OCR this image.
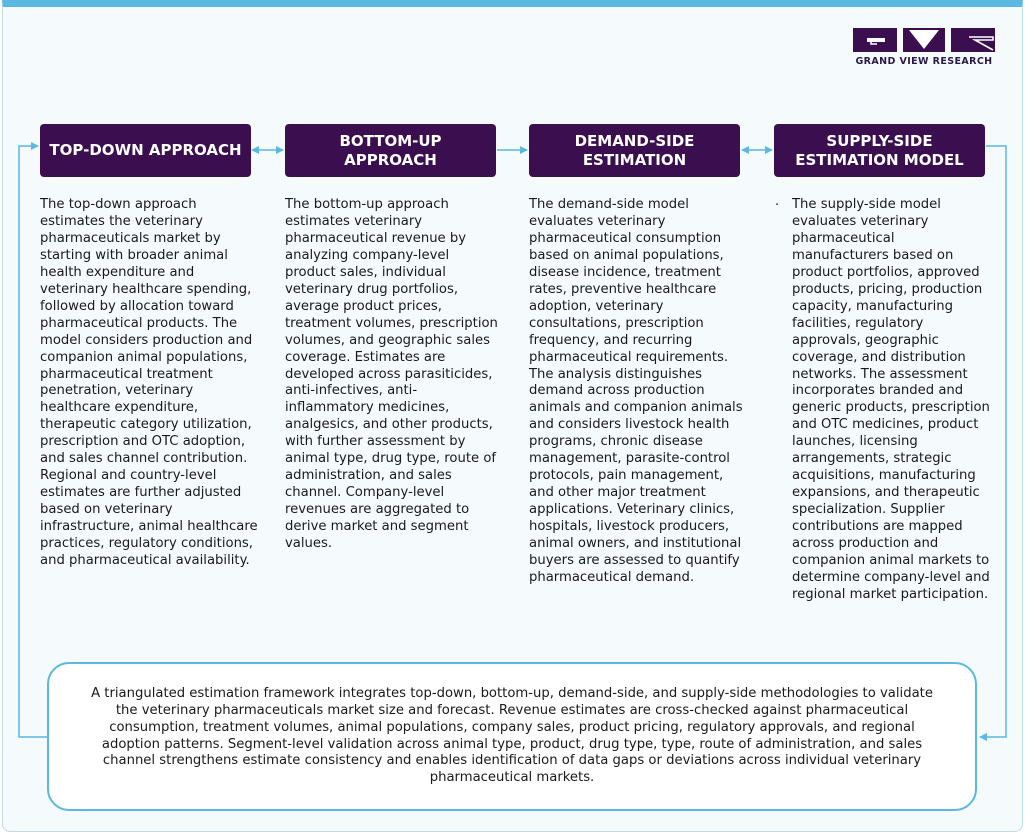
GRAND VIEW RESEARCH
TOP-DOWN APPROACH
BOTTOM-UP APPROACH
DEMAND-SIDE ESTIMATION
SUPPLY-SIDE ESTIMATION MODEL
The top-down approach estimates the veterinary pharmaceuticals market by starting with broader animal health expenditure and veterinary healthcare spending, followed by allocation toward pharmaceutical products. The model considers production and companion animal populations, pharmaceutical treatment penetration, veterinary healthcare expenditure, therapeutic category utilization, prescription and OTC adoption, and sales channel contribution. Regional and country-level estimates are further adjusted based on veterinary infrastructure, animal healthcare practices, regulatory conditions, and pharmaceutical availability.
The bottom-up approach estimates veterinary pharmaceutical revenue by analyzing company-level product sales, individual veterinary drug portfolios, average product prices, treatment volumes, prescription volumes, and geographic sales coverage. Estimates are developed across parasiticides, anti-infectives, anti-inflammatory medicines, analgesics, and other products, with further assessment by animal type, drug type, route of administration, and sales channel. Company-level revenues are aggregated to derive market and segment values.
The demand-side model evaluates veterinary pharmaceutical consumption based on animal populations, disease incidence, treatment rates, preventive healthcare adoption, veterinary consultations, prescription frequency, and recurring pharmaceutical requirements. The analysis distinguishes demand across production animals and companion animals and considers livestock health programs, chronic disease management, parasite-control protocols, pain management, and other major treatment applications. Veterinary clinics, hospitals, livestock producers, animal owners, and institutional buyers are assessed to quantify pharmaceutical demand.
· The supply-side model evaluates veterinary pharmaceutical manufacturers based on product portfolios, approved products, pricing, production capacity, manufacturing facilities, regulatory approvals, geographic coverage, and distribution networks. The assessment incorporates branded and generic products, prescription and OTC medicines, product launches, licensing arrangements, strategic acquisitions, manufacturing expansions, and therapeutic specialization. Supplier contributions are mapped across production and companion animal markets to determine company-level and regional market participation.
A triangulated estimation framework integrates top-down, bottom-up, demand-side, and supply-side methodologies to validate the veterinary pharmaceuticals market size and forecast. Revenue estimates are cross-checked against pharmaceutical consumption, treatment volumes, animal populations, company sales, product pricing, regulatory approvals, and regional adoption patterns. Segment-level validation across animal type, product, drug type, type, route of administration, and sales channel strengthens estimate consistency and enables identification of data gaps or deviations across individual veterinary pharmaceutical markets.
